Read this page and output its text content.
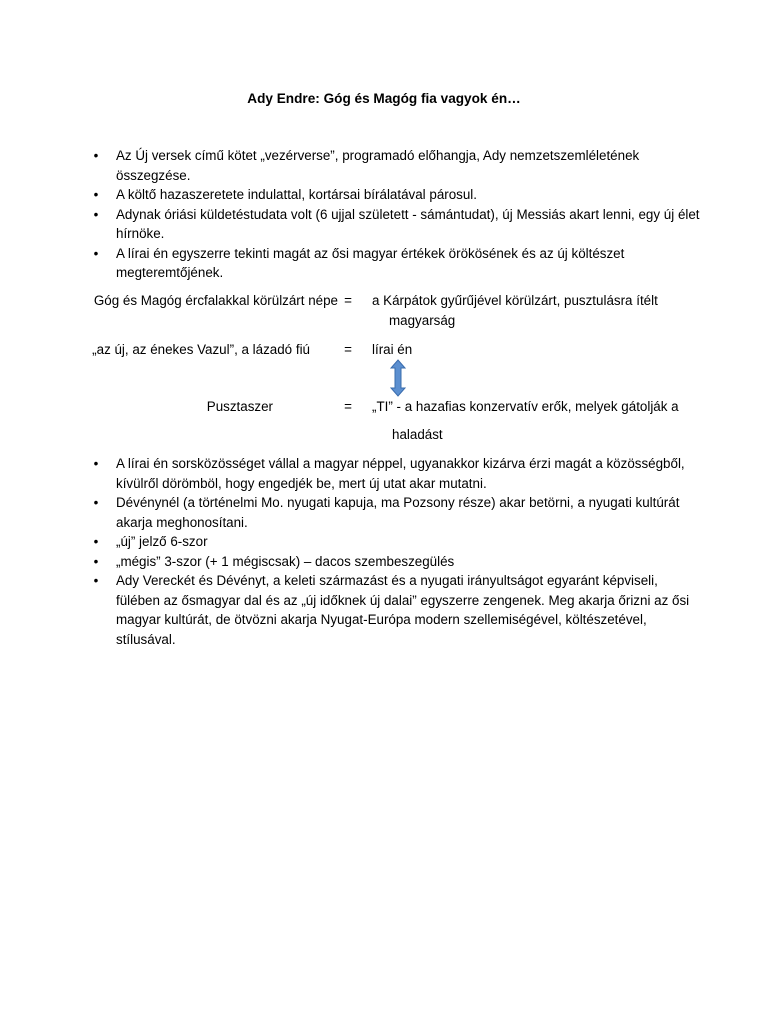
Ady Endre: Góg és Magóg fia vagyok én…
• Az Új versek című kötet „vezérverse”, programadó előhangja, Ady nemzetszemléletének összegzése.
• A költő hazaszeretete indulattal, kortársai bírálatával párosul.
• Adynak óriási küldetéstudata volt (6 ujjal született - sámántudat), új Messiás akart lenni, egy új élet hírnöke.
• A lírai én egyszerre tekinti magát az ősi magyar értékek örökösének és az új költészet megteremtőjének.
Góg és Magóg ércfalakkal körülzárt népe =	a Kárpátok gyűrűjével körülzárt, pusztulásra ítélt
magyarság
„az új, az énekes Vazul”, a lázadó fiú	=	lírai én
Pusztaszer	=	„TI” - a hazafias konzervatív erők, melyek gátolják a
haladást
• A lírai én sorsközösséget vállal a magyar néppel, ugyanakkor kizárva érzi magát a közösségből, kívülről dörömböl, hogy engedjék be, mert új utat akar mutatni.
• Dévénynél (a történelmi Mo. nyugati kapuja, ma Pozsony része) akar betörni, a nyugati kultúrát akarja meghonosítani.
• „új” jelző 6-szor
• „mégis” 3-szor (+ 1 mégiscsak) – dacos szembeszegülés
• Ady Vereckét és Dévényt, a keleti származást és a nyugati irányultságot egyaránt képviseli, fülében az ősmagyar dal és az „új időknek új dalai” egyszerre zengenek. Meg akarja őrizni az ősi magyar kultúrát, de ötvözni akarja Nyugat-Európa modern szellemiségével, költészetével, stílusával.
